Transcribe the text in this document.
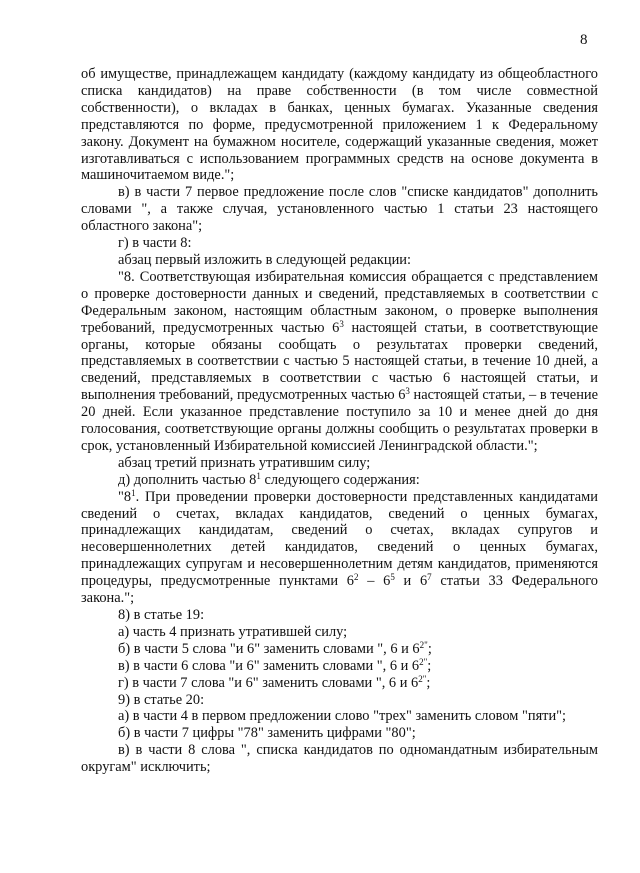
8

об имуществе, принадлежащем кандидату (каждому кандидату из общеобластного списка кандидатов) на праве собственности (в том числе совместной собственности), о вкладах в банках, ценных бумагах. Указанные сведения представляются по форме, предусмотренной приложением 1 к Федеральному закону. Документ на бумажном носителе, содержащий указанные сведения, может изготавливаться с использованием программных средств на основе документа в машиночитаемом виде.";

в) в части 7 первое предложение после слов "списке кандидатов" дополнить словами ", а также случая, установленного частью 1 статьи 23 настоящего областного закона";

г) в части 8:

абзац первый изложить в следующей редакции:

"8. Соответствующая избирательная комиссия обращается с представлением о проверке достоверности данных и сведений, представляемых в соответствии с Федеральным законом, настоящим областным законом, о проверке выполнения требований, предусмотренных частью $6^3$ настоящей статьи, в соответствующие органы, которые обязаны сообщать о результатах проверки сведений, представляемых в соответствии с частью 5 настоящей статьи, в течение 10 дней, а сведений, представляемых в соответствии с частью 6 настоящей статьи, и выполнения требований, предусмотренных частью $6^3$ настоящей статьи, – в течение 20 дней. Если указанное представление поступило за 10 и менее дней до дня голосования, соответствующие органы должны сообщить о результатах проверки в срок, установленный Избирательной комиссией Ленинградской области.";

абзац третий признать утратившим силу;

д) дополнить частью $8^1$ следующего содержания:

"$8^1$. При проведении проверки достоверности представленных кандидатами сведений о счетах, вкладах кандидатов, сведений о ценных бумагах, принадлежащих кандидатам, сведений о счетах, вкладах супругов и несовершеннолетних детей кандидатов, сведений о ценных бумагах, принадлежащих супругам и несовершеннолетним детям кандидатов, применяются процедуры, предусмотренные пунктами $6^2 - 6^5$ и $6^7$ статьи 33 Федерального закона.";

8) в статье 19:

а) часть 4 признать утратившей силу;

б) в части 5 слова "и 6" заменить словами ", 6 и $6^{2"}$;

в) в части 6 слова "и 6" заменить словами ", 6 и $6^{2"}$;

г) в части 7 слова "и 6" заменить словами ", 6 и $6^{2"}$;

9) в статье 20:

а) в части 4 в первом предложении слово "трех" заменить словом "пяти";

б) в части 7 цифры "78" заменить цифрами "80";

в) в части 8 слова ", списка кандидатов по одномандатным избирательным округам" исключить;
